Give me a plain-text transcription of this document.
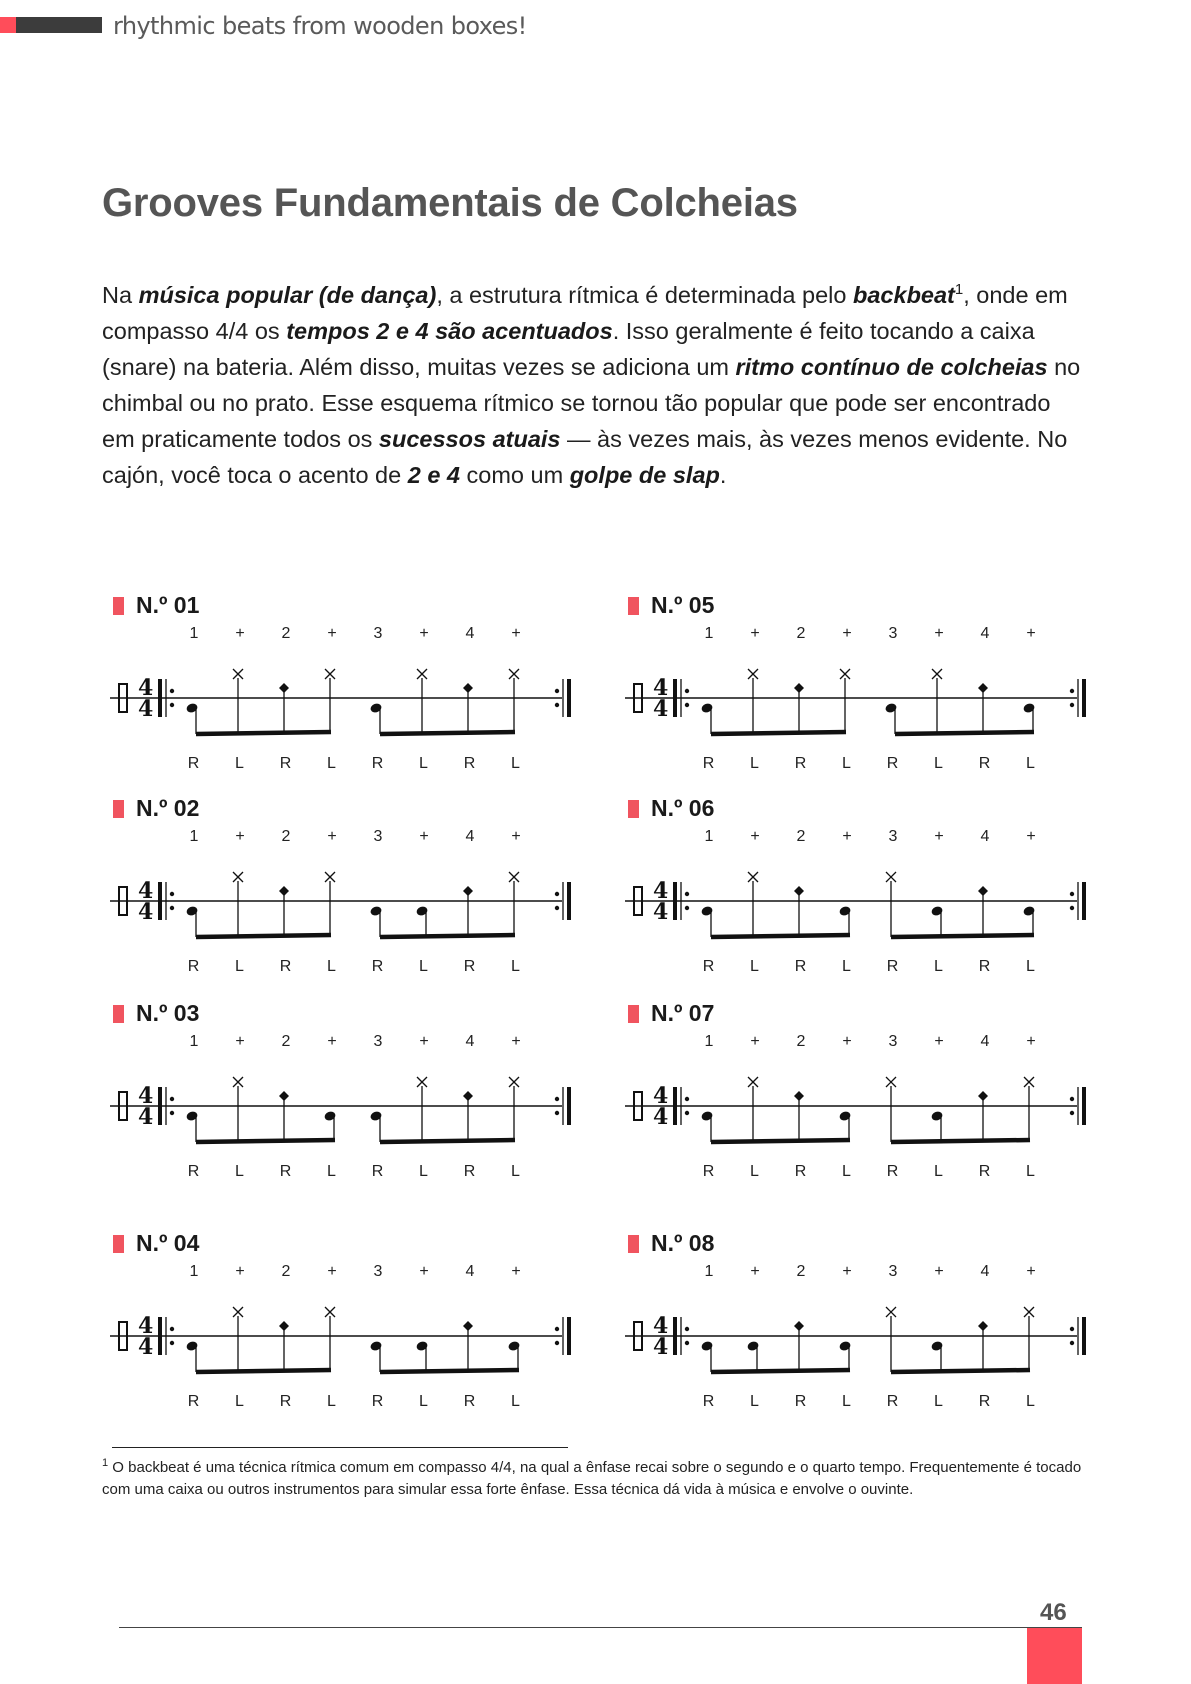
rhythmic beats from wooden boxes!
Grooves Fundamentais de Colcheias

Na música popular (de dança), a estrutura rítmica é determinada pelo backbeat$^1$, onde em compasso 4/4 os tempos 2 e 4 são acentuados. Isso geralmente é feito tocando a caixa (snare) na bateria. Além disso, muitas vezes se adiciona um ritmo contínuo de colcheias no chimbal ou no prato. Esse esquema rítmico se tornou tão popular que pode ser encontrado em praticamente todos os sucessos atuais — às vezes mais, às vezes menos evidente. No cajón, você toca o acento de 2 e 4 como um golpe de slap.

N.º 01
4
4
1 + 2 + 3 + 4 +
R L R L R L R L
N.º 02
4
4
1 + 2 + 3 + 4 +
R L R L R L R L
N.º 03
4
4
1 + 2 + 3 + 4 +
R L R L R L R L
N.º 04
4
4
1 + 2 + 3 + 4 +
R L R L R L R L
N.º 05
4
4
1 + 2 + 3 + 4 +
R L R L R L R L
N.º 06
4
4
1 + 2 + 3 + 4 +
R L R L R L R L
N.º 07
4
4
1 + 2 + 3 + 4 +
R L R L R L R L
N.º 08
4
4
1 + 2 + 3 + 4 +
R L R L R L R L

$^1$ O backbeat é uma técnica rítmica comum em compasso 4/4, na qual a ênfase recai sobre o segundo e o quarto tempo. Frequentemente é tocado com uma caixa ou outros instrumentos para simular essa forte ênfase. Essa técnica dá vida à música e envolve o ouvinte.

46
